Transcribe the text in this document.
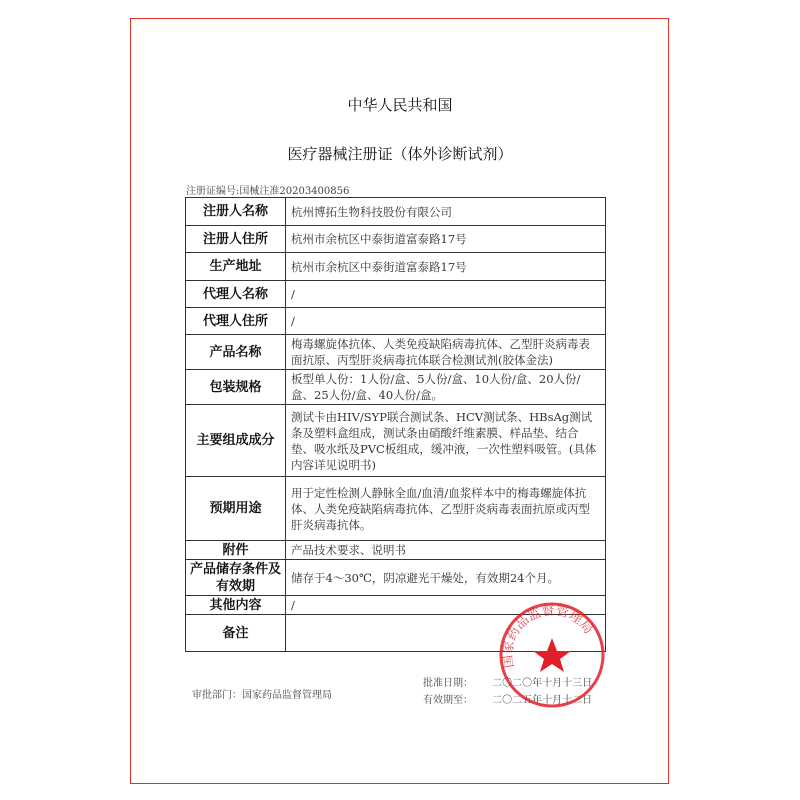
中华人民共和国
医疗器械注册证（体外诊断试剂）
注册证编号:国械注准20203400856
注册人名称	杭州博拓生物科技股份有限公司
注册人住所	杭州市余杭区中泰街道富泰路17号
生产地址	杭州市余杭区中泰街道富泰路17号
代理人名称	/
代理人住所	/
产品名称	梅毒螺旋体抗体、人类免疫缺陷病毒抗体、乙型肝炎病毒表面抗原、丙型肝炎病毒抗体联合检测试剂(胶体金法)
包装规格	板型单人份：1人份/盒、5人份/盒、10人份/盒、20人份/盒、25人份/盒、40人份/盒。
主要组成成分	测试卡由HIV/SYP联合测试条、HCV测试条、HBsAg测试条及塑料盒组成，测试条由硝酸纤维素膜、样品垫、结合垫、吸水纸及PVC板组成，缓冲液，一次性塑料吸管。(具体内容详见说明书)
预期用途	用于定性检测人静脉全血/血清/血浆样本中的梅毒螺旋体抗体、人类免疫缺陷病毒抗体、乙型肝炎病毒表面抗原或丙型肝炎病毒抗体。
附件	产品技术要求、说明书
产品储存条件及有效期	储存于4～30℃，阴凉避光干燥处，有效期24个月。
其他内容	/
备注	
审批部门：国家药品监督管理局
批准日期： 二〇二〇年十月十三日
有效期至： 二〇二五年十月十二日
国家药品监督管理局
